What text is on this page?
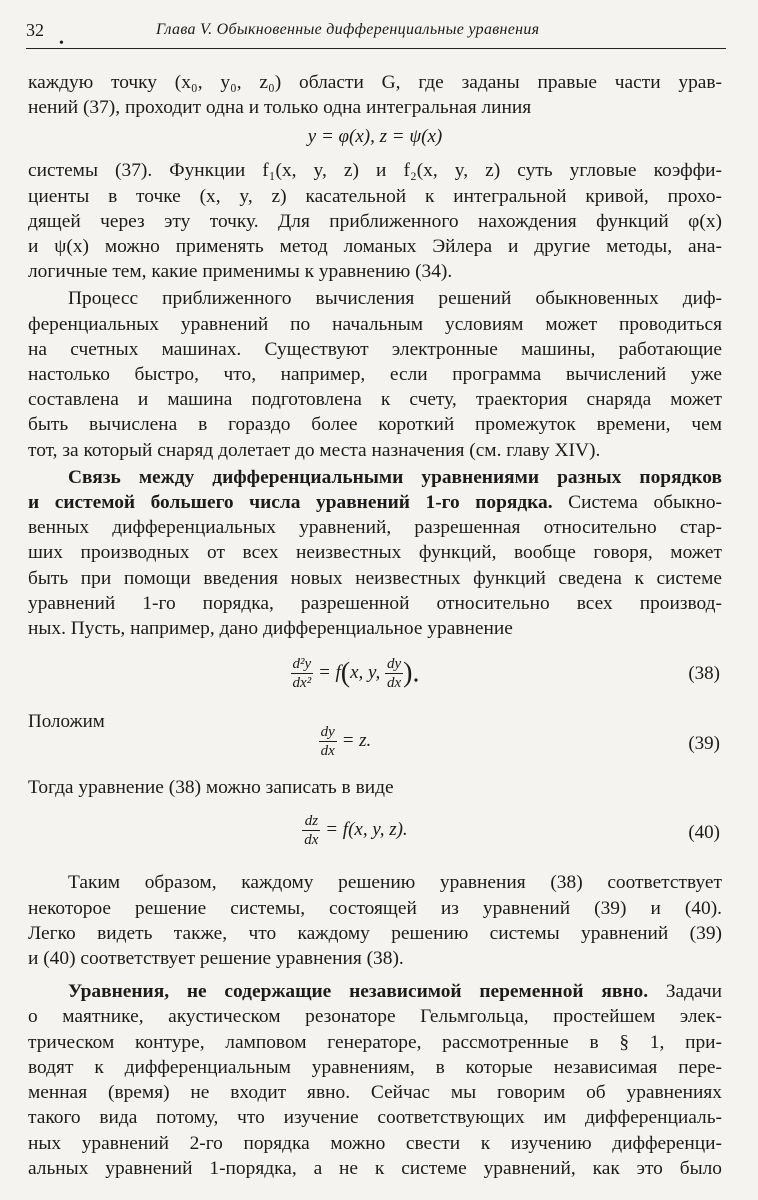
32
•
Глава V. Обыкновенные дифференциальные уравнения

каждую точку (x₀, y₀, z₀) области G, где заданы правые части урав-
нений (37), проходит одна и только одна интегральная линия

y = φ(x), z = ψ(x)

системы (37). Функции f₁(x, y, z) и f₂(x, y, z) суть угловые коэффи-
циенты в точке (x, y, z) касательной к интегральной кривой, прохо-
дящей через эту точку. Для приближенного нахождения функций φ(x)
и ψ(x) можно применять метод ломаных Эйлера и другие методы, ана-
логичные тем, какие применимы к уравнению (34).

Процесс приближенного вычисления решений обыкновенных диф-
ференциальных уравнений по начальным условиям может проводиться
на счетных машинах. Существуют электронные машины, работающие
настолько быстро, что, например, если программа вычислений уже
составлена и машина подготовлена к счету, траектория снаряда может
быть вычислена в гораздо более короткий промежуток времени, чем
тот, за который снаряд долетает до места назначения (см. главу XIV).

Связь между дифференциальными уравнениями разных порядков
и системой большего числа уравнений 1-го порядка. Система обыкно-
венных дифференциальных уравнений, разрешенная относительно стар-
ших производных от всех неизвестных функций, вообще говоря, может
быть при помощи введения новых неизвестных функций сведена к системе
уравнений 1-го порядка, разрешенной относительно всех производ-
ных. Пусть, например, дано дифференциальное уравнение

$\frac{\text{d²y}}{\text{dx²}} = f(x$, y, $\frac{dy}{dx}$ ).	(38)
Положим
$\frac{dy}{dx} = z$.	(39)

Тогда уравнение (38) можно записать в виде

$\frac{dz}{dx} = f(x$, y, z).	(40)

Таким образом, каждому решению уравнения (38) соответствует
некоторое решение системы, состоящей из уравнений (39) и (40).
Легко видеть также, что каждому решению системы уравнений (39)
и (40) соответствует решение уравнения (38).

Уравнения, не содержащие независимой переменной явно. Задачи
о маятнике, акустическом резонаторе Гельмгольца, простейшем элек-
трическом контуре, ламповом генераторе, рассмотренные в § 1, при-
водят к дифференциальным уравнениям, в которые независимая пере-
менная (время) не входит явно. Сейчас мы говорим об уравнениях
такого вида потому, что изучение соответствующих им дифференциаль-
ных уравнений 2-го порядка можно свести к изучению дифференци-
альных уравнений 1-порядка, а не к системе уравнений, как это было
